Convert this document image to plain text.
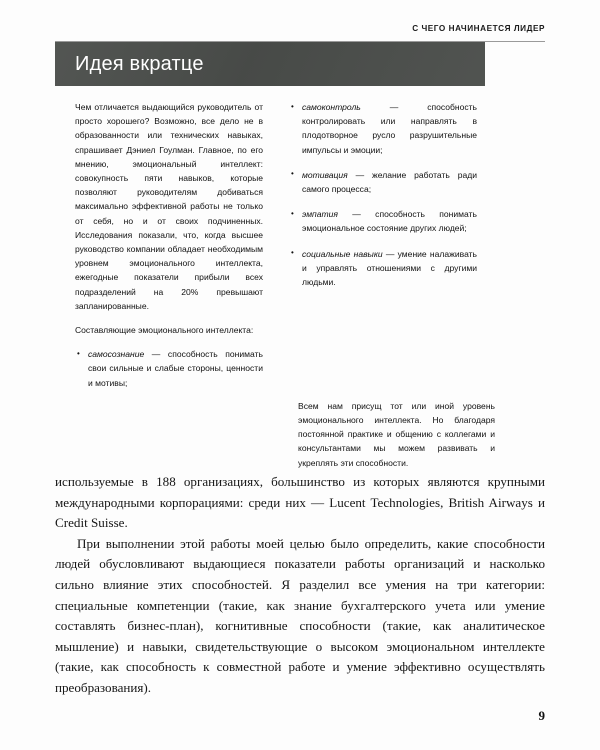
С ЧЕГО НАЧИНАЕТСЯ ЛИДЕР
Идея вкратце

Чем отличается выдающийся руководитель от просто хорошего? Возможно, все дело не в образованности или технических навыках, спрашивает Дэниел Гоулман. Главное, по его мнению, эмоциональный интеллект: совокупность пяти навыков, которые позволяют руководителям добиваться максимально эффективной работы не только от себя, но и от своих подчиненных. Исследования показали, что, когда высшее руководство компании обладает необходимым уровнем эмоционального интеллекта, ежегодные показатели прибыли всех подразделений на 20% превышают запланированные.

Составляющие эмоционального интеллекта:

• самосознание — способность понимать свои сильные и слабые стороны, ценности и мотивы;
• самоконтроль — способность контролировать или направлять в плодотворное русло разрушительные импульсы и эмоции;
• мотивация — желание работать ради самого процесса;
• эмпатия — способность понимать эмоциональное состояние других людей;
• социальные навыки — умение налаживать и управлять отношениями с другими людьми.
Всем нам присущ тот или иной уровень эмоционального интеллекта. Но благодаря постоянной практике и общению с коллегами и консультантами мы можем развивать и укреплять эти способности.

используемые в 188 организациях, большинство из которых являются крупными международными корпорациями: среди них — Lucent Technologies, British Airways и Credit Suisse.

При выполнении этой работы моей целью было определить, какие способности людей обусловливают выдающиеся показатели работы организаций и насколько сильно влияние этих способностей. Я разделил все умения на три категории: специальные компетенции (такие, как знание бухгалтерского учета или умение составлять бизнес-план), когнитивные способности (такие, как аналитическое мышление) и навыки, свидетельствующие о высоком эмоциональном интеллекте (такие, как способность к совместной работе и умение эффективно осуществлять преобразования).

9
